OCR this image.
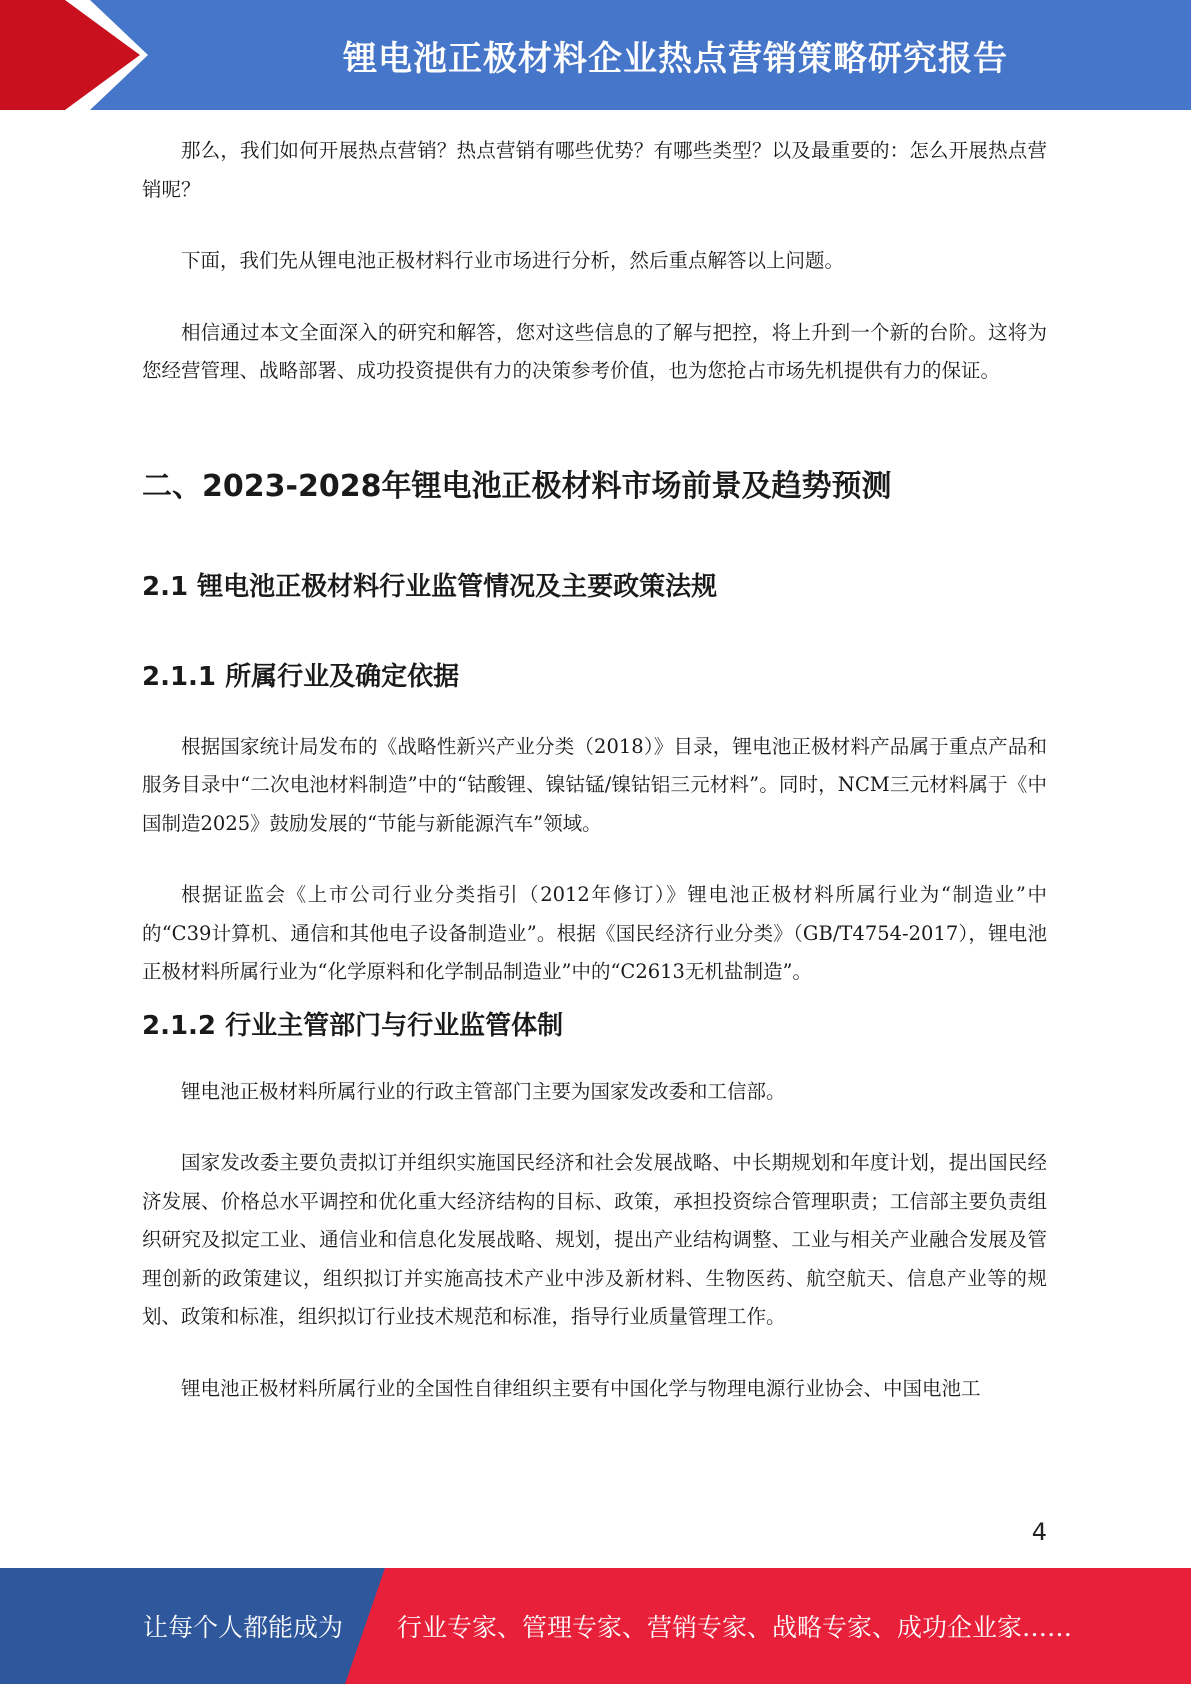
锂电池正极材料企业热点营销策略研究报告

那么，我们如何开展热点营销？热点营销有哪些优势？有哪些类型？以及最重要的：怎么开展热点营销呢？

下面，我们先从锂电池正极材料行业市场进行分析，然后重点解答以上问题。

相信通过本文全面深入的研究和解答，您对这些信息的了解与把控，将上升到一个新的台阶。这将为您经营管理、战略部署、成功投资提供有力的决策参考价值，也为您抢占市场先机提供有力的保证。

二、2023-2028年锂电池正极材料市场前景及趋势预测
2.1 锂电池正极材料行业监管情况及主要政策法规
2.1.1 所属行业及确定依据

根据国家统计局发布的《战略性新兴产业分类（2018）》目录，锂电池正极材料产品属于重点产品和服务目录中“二次电池材料制造”中的“钴酸锂、镍钴锰/镍钴铝三元材料”。同时，NCM三元材料属于《中国制造2025》鼓励发展的“节能与新能源汽车”领域。

根据证监会《上市公司行业分类指引（2012年修订）》锂电池正极材料所属行业为“制造业”中的“C39计算机、通信和其他电子设备制造业”。根据《国民经济行业分类》（GB/T4754-2017），锂电池正极材料所属行业为“化学原料和化学制品制造业”中的“C2613无机盐制造”。

2.1.2 行业主管部门与行业监管体制

锂电池正极材料所属行业的行政主管部门主要为国家发改委和工信部。

国家发改委主要负责拟订并组织实施国民经济和社会发展战略、中长期规划和年度计划，提出国民经济发展、价格总水平调控和优化重大经济结构的目标、政策，承担投资综合管理职责；工信部主要负责组织研究及拟定工业、通信业和信息化发展战略、规划，提出产业结构调整、工业与相关产业融合发展及管理创新的政策建议，组织拟订并实施高技术产业中涉及新材料、生物医药、航空航天、信息产业等的规划、政策和标准，组织拟订行业技术规范和标准，指导行业质量管理工作。

锂电池正极材料所属行业的全国性自律组织主要有中国化学与物理电源行业协会、中国电池工

4
让每个人都能成为 行业专家、管理专家、营销专家、战略专家、成功企业家……
